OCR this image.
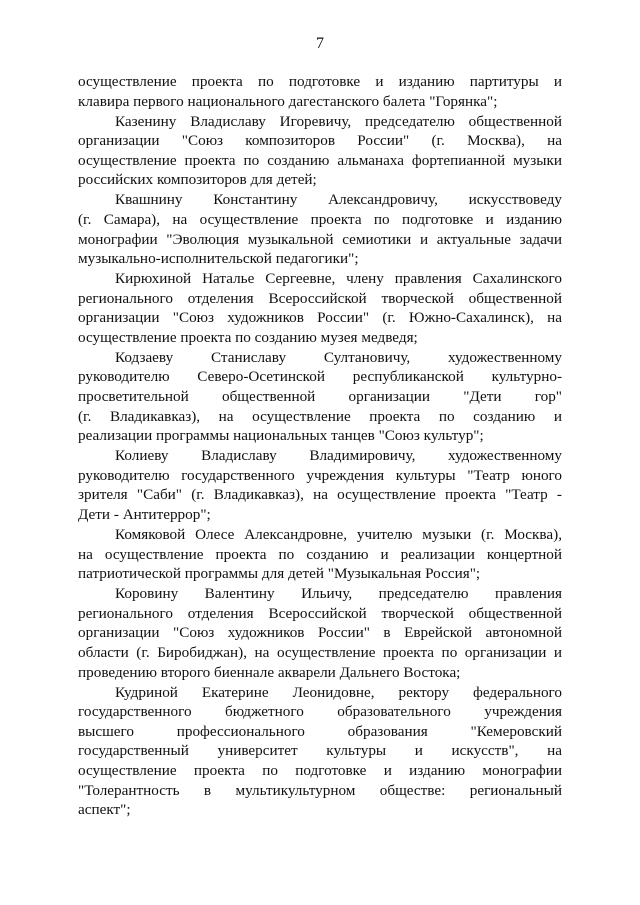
7
осуществление проекта по подготовке и изданию партитуры и
клавира первого национального дагестанского балета "Горянка";
Казенину Владиславу Игоревичу, председателю общественной
организации "Союз композиторов России" (г. Москва), на
осуществление проекта по созданию альманаха фортепианной музыки
российских композиторов для детей;
Квашнину Константину Александровичу, искусствоведу
(г. Самара), на осуществление проекта по подготовке и изданию
монографии "Эволюция музыкальной семиотики и актуальные задачи
музыкально-исполнительской педагогики";
Кирюхиной Наталье Сергеевне, члену правления Сахалинского
регионального отделения Всероссийской творческой общественной
организации "Союз художников России" (г. Южно-Сахалинск), на
осуществление проекта по созданию музея медведя;
Кодзаеву Станиславу Султановичу, художественному
руководителю Северо-Осетинской республиканской культурно-
просветительной общественной организации "Дети гор"
(г. Владикавказ), на осуществление проекта по созданию и
реализации программы национальных танцев "Союз культур";
Колиеву Владиславу Владимировичу, художественному
руководителю государственного учреждения культуры "Театр юного
зрителя "Саби" (г. Владикавказ), на осуществление проекта "Театр -
Дети - Антитеррор";
Комяковой Олесе Александровне, учителю музыки (г. Москва),
на осуществление проекта по созданию и реализации концертной
патриотической программы для детей "Музыкальная Россия";
Коровину Валентину Ильичу, председателю правления
регионального отделения Всероссийской творческой общественной
организации "Союз художников России" в Еврейской автономной
области (г. Биробиджан), на осуществление проекта по организации и
проведению второго биеннале акварели Дальнего Востока;
Кудриной Екатерине Леонидовне, ректору федерального
государственного бюджетного образовательного учреждения
высшего профессионального образования "Кемеровский
государственный университет культуры и искусств", на
осуществление проекта по подготовке и изданию монографии
"Толерантность в мультикультурном обществе: региональный
аспект";
